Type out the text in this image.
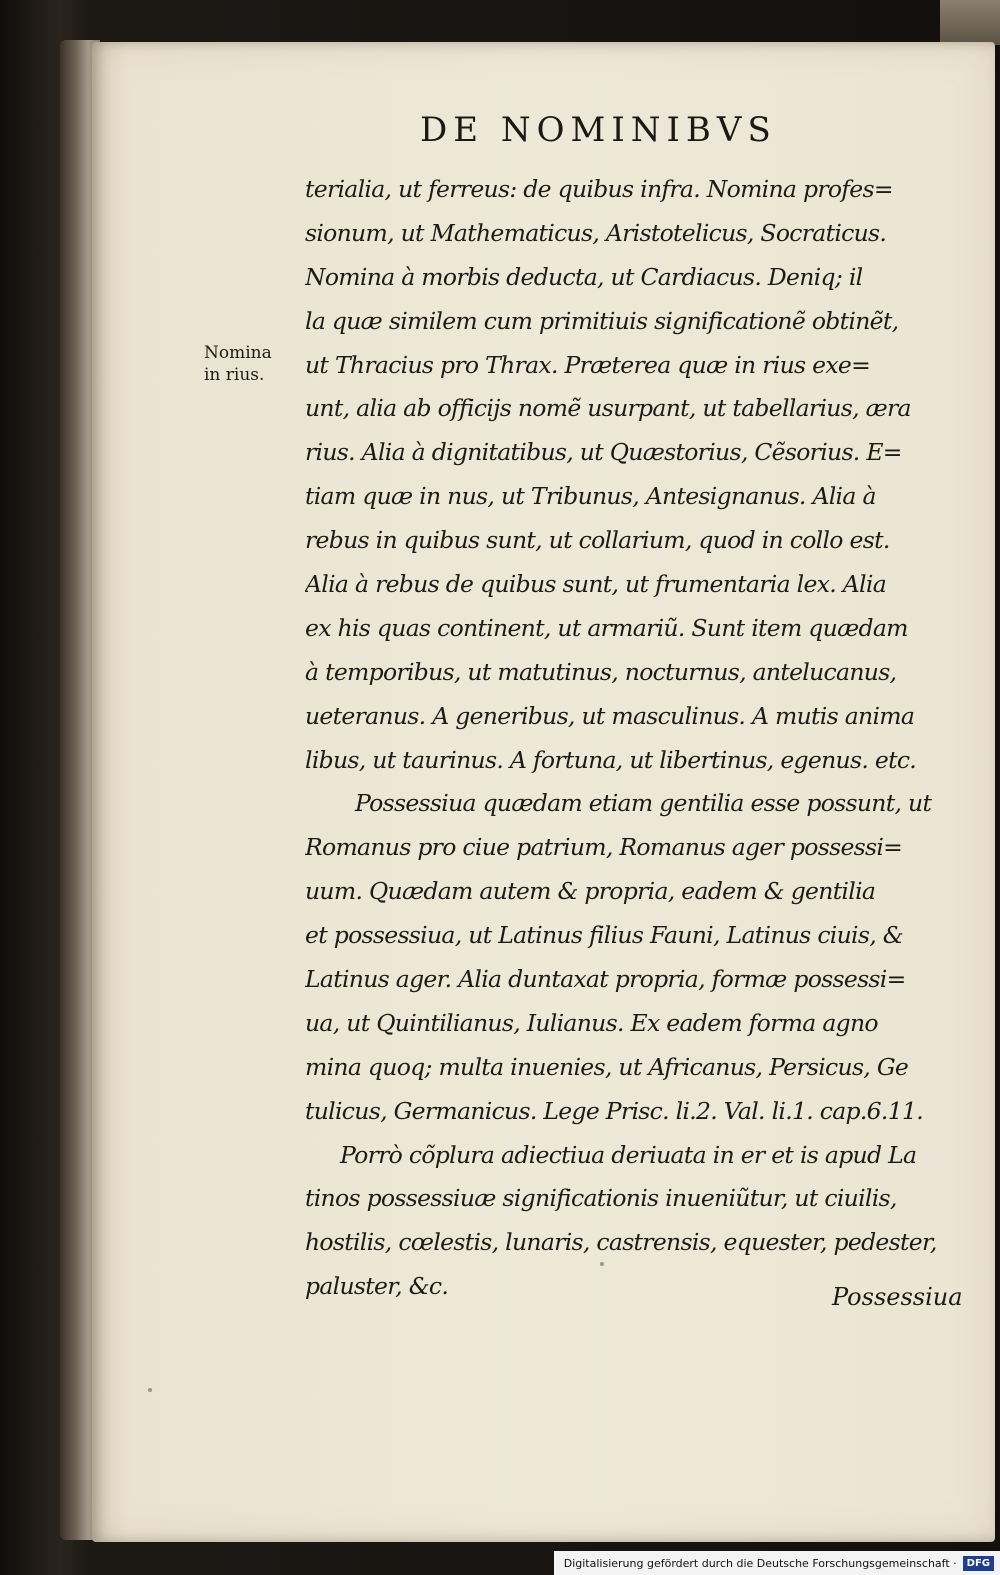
DE NOMINIBVS
Nomina
in rius.
terialia, ut ferreus: de quibus infra. Nomina profes=
sionum, ut Mathematicus, Aristotelicus, Socraticus.
Nomina à morbis deducta, ut Cardiacus. Deniq; il
la quæ similem cum primitiuis significationẽ obtinẽt,
ut Thracius pro Thrax. Præterea quæ in rius exe=
unt, alia ab officijs nomẽ usurpant, ut tabellarius, æra
rius. Alia à dignitatibus, ut Quæstorius, Cẽsorius. E=
tiam quæ in nus, ut Tribunus, Antesignanus. Alia à
rebus in quibus sunt, ut collarium, quod in collo est.
Alia à rebus de quibus sunt, ut frumentaria lex. Alia
ex his quas continent, ut armariũ. Sunt item quædam
à temporibus, ut matutinus, nocturnus, antelucanus,
ueteranus. A generibus, ut masculinus. A mutis anima
libus, ut taurinus. A fortuna, ut libertinus, egenus. etc.
Possessiua quædam etiam gentilia esse possunt, ut
Romanus pro ciue patrium, Romanus ager possessi=
uum. Quædam autem & propria, eadem & gentilia
et possessiua, ut Latinus filius Fauni, Latinus ciuis, &
Latinus ager. Alia duntaxat propria, formæ possessi=
ua, ut Quintilianus, Iulianus. Ex eadem forma agno
mina quoq; multa inuenies, ut Africanus, Persicus, Ge
tulicus, Germanicus. Lege Prisc. li.2. Val. li.1. cap.6.11.
Porrò cõplura adiectiua deriuata in er et is apud La
tinos possessiuæ significationis inueniũtur, ut ciuilis,
hostilis, cœlestis, lunaris, castrensis, equester, pedester,
paluster, &c.	Possessiua
Digitalisierung gefördert durch die Deutsche Forschungsgemeinschaft ·	DFG
